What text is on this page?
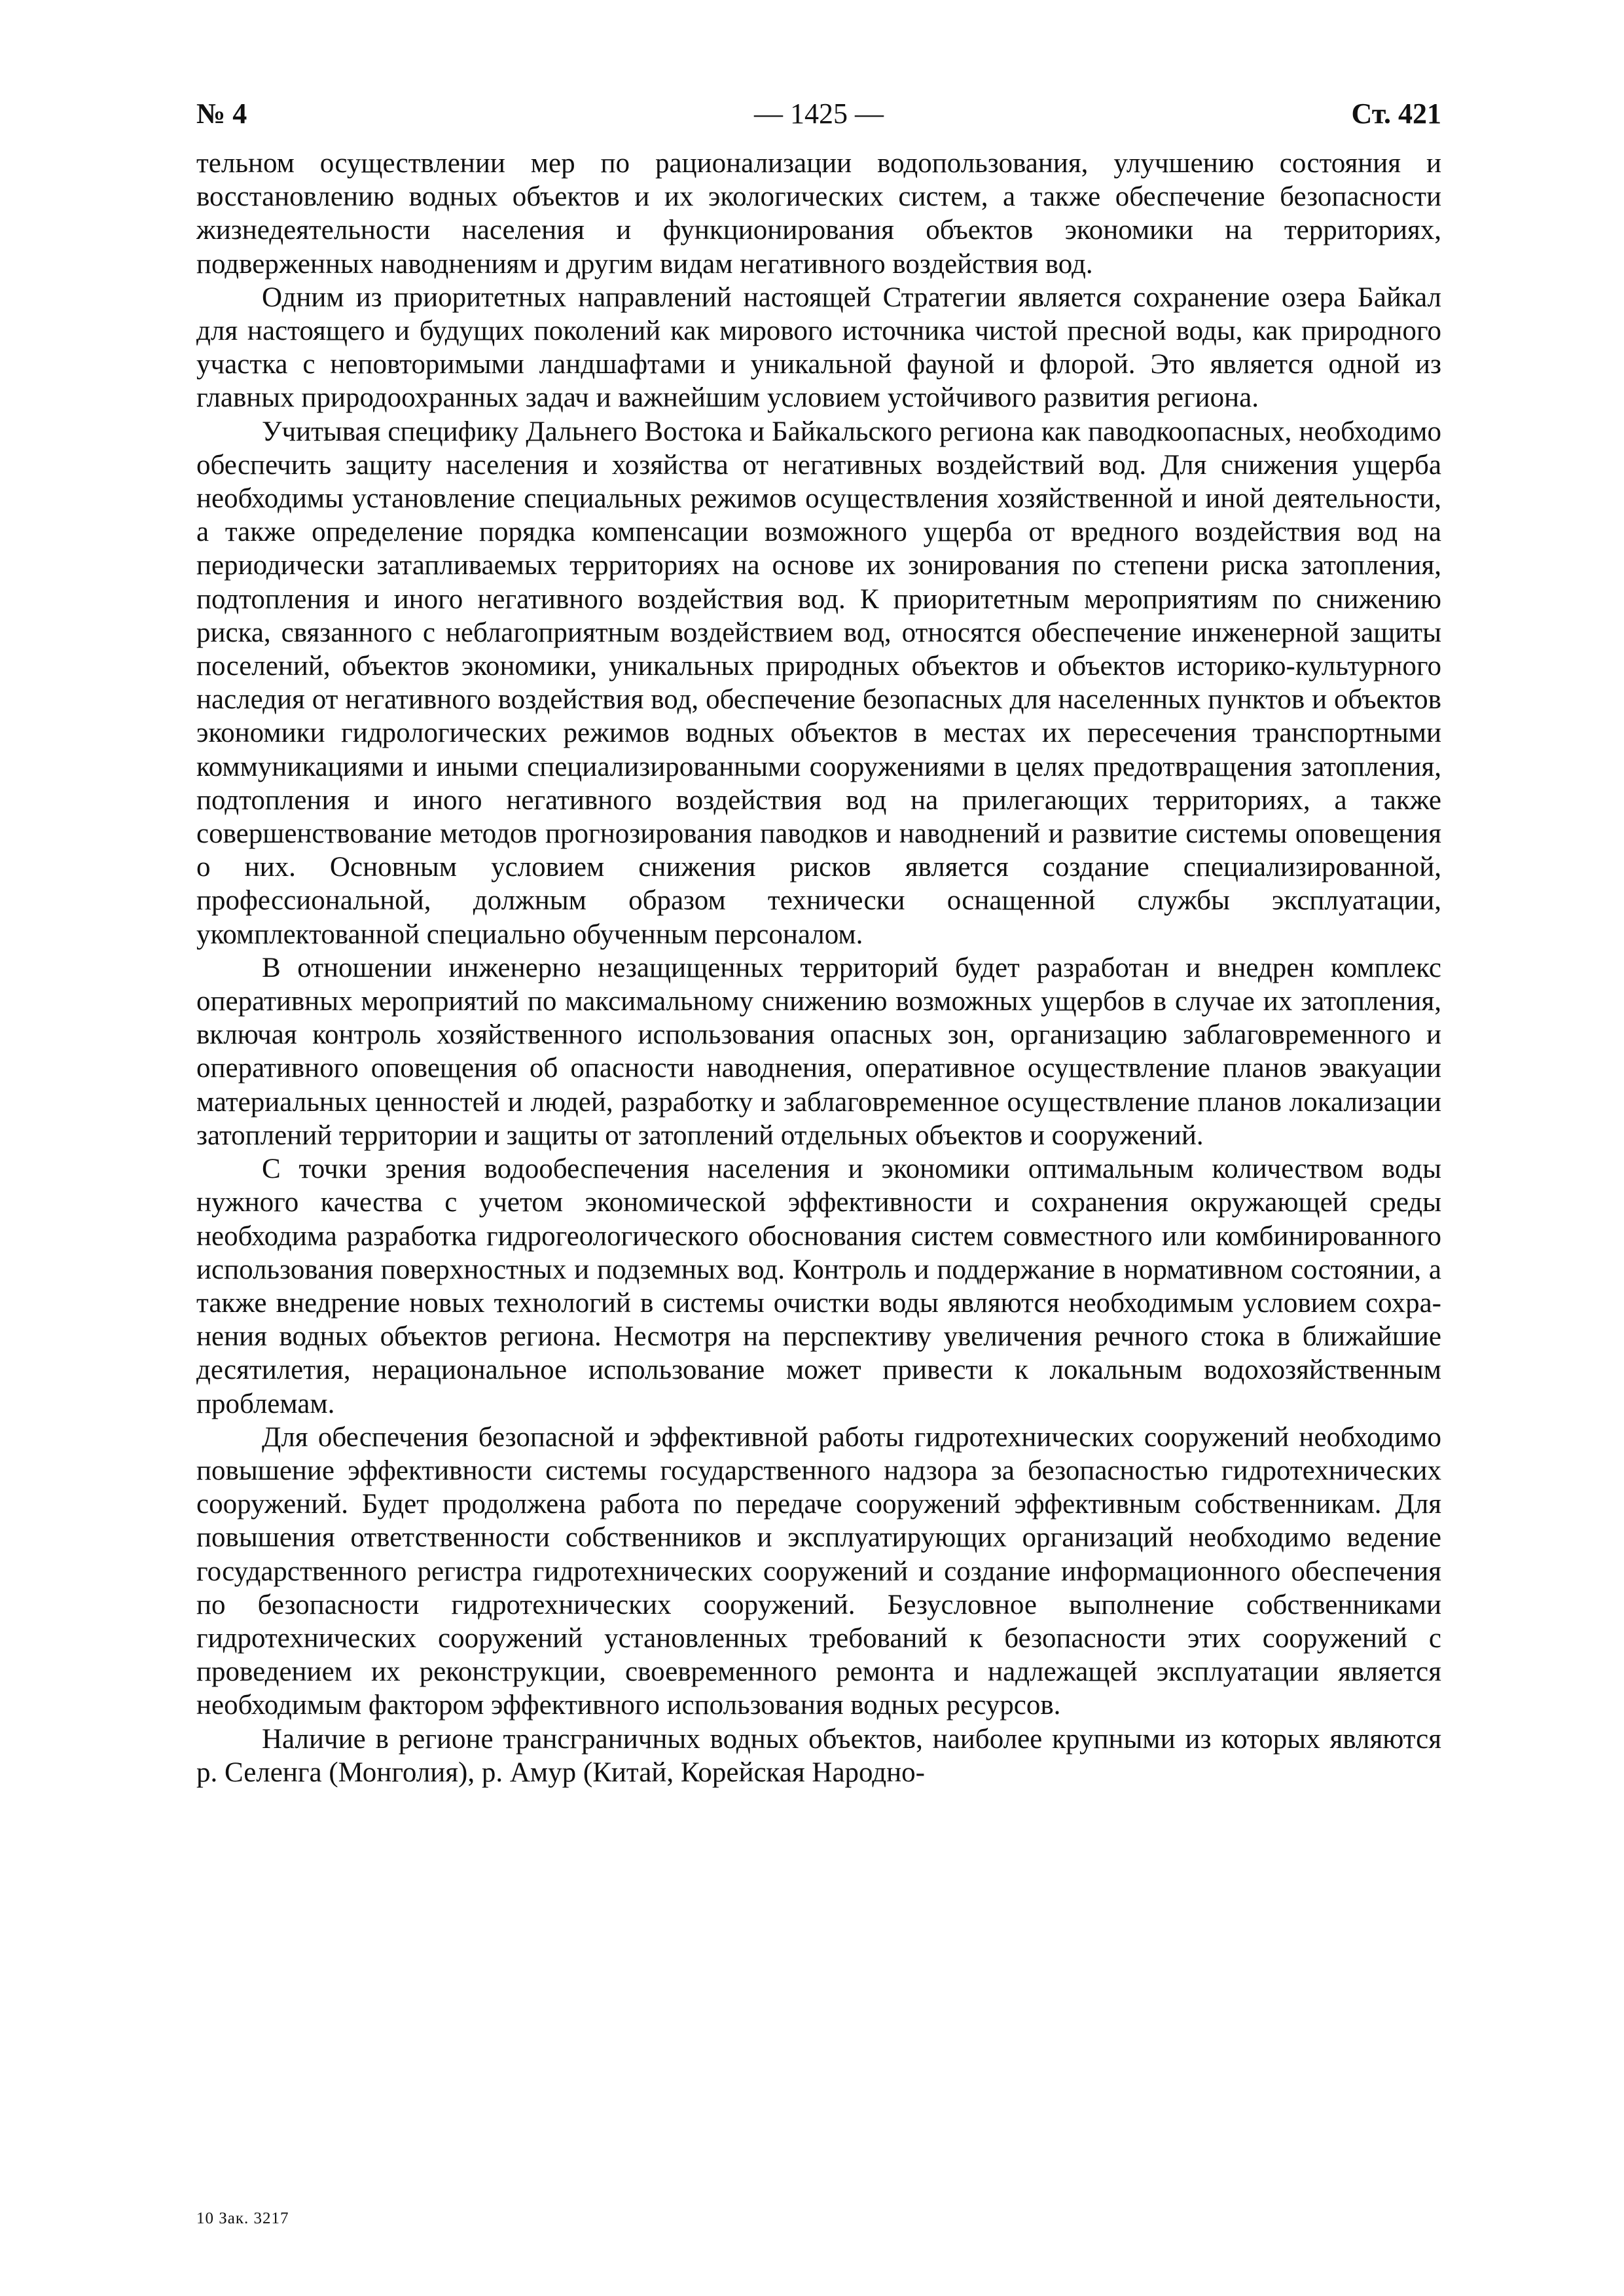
№ 4	— 1425 —	Ст. 421

тельном осуществлении мер по рационализации водопользования, улучшению состояния и восстановлению водных объектов и их экологических систем, а также обеспечение безопасности жизнедеятельности населения и функционирования объектов экономики на территориях, подверженных наводнениям и другим видам негативного воздействия вод.

Одним из приоритетных направлений настоящей Стратегии является сохранение озера Байкал для настоящего и будущих поколений как мирового источника чистой пресной воды, как природного участка с неповторимыми ландшафтами и уникальной фауной и флорой. Это является одной из главных природоохранных задач и важнейшим условием устойчивого развития региона.

Учитывая специфику Дальнего Востока и Байкальского региона как паводкоопасных, необходимо обеспечить защиту населения и хозяйства от негативных воздействий вод. Для снижения ущерба необходимы установление специальных режимов осуществления хозяйственной и иной деятельности, а также определение порядка компенсации возможного ущерба от вредного воздействия вод на периодически затапливаемых территориях на основе их зонирования по степени риска затопления, подтопления и иного негативного воздействия вод. К приоритетным мероприятиям по снижению риска, связанного с неблагоприятным воздействием вод, относятся обеспечение инженерной защиты поселений, объектов экономики, уникальных природных объектов и объектов историко-культурного наследия от негативного воздействия вод, обеспечение безопасных для населенных пунктов и объектов экономики гидрологических режимов водных объектов в местах их пересечения транспортными коммуникациями и иными специализированными сооружениями в целях предотвращения затопления, подтопления и иного негативного воздействия вод на прилегающих территориях, а также совершенствование методов прогнозирования паводков и наводнений и развитие системы оповещения о них. Основным условием снижения рисков является создание специализированной, профессиональной, должным образом технически оснащенной службы эксплуатации, укомплектованной специально обученным персоналом.

В отношении инженерно незащищенных территорий будет разработан и внедрен комплекс оперативных мероприятий по максимальному снижению возможных ущербов в случае их затопления, включая контроль хозяйственного использования опасных зон, организацию заблаговременного и оперативного оповещения об опасности наводнения, оперативное осуществление планов эвакуации материальных ценностей и людей, разработку и заблаговременное осуществление планов локализации затоплений территории и защиты от затоплений отдельных объектов и сооружений.

С точки зрения водообеспечения населения и экономики оптимальным количеством воды нужного качества с учетом экономической эффективности и сохранения окружающей среды необходима разработка гидрогеологического обоснования систем совместного или комбинированного использования поверхностных и подземных вод. Контроль и поддержание в нормативном состоянии, а также внедрение новых технологий в системы очистки воды являются необходимым условием сохранения водных объектов региона. Несмотря на перспективу увеличения речного стока в ближайшие десятилетия, нерациональное использование может привести к локальным водохозяйственным проблемам.

Для обеспечения безопасной и эффективной работы гидротехнических сооружений необходимо повышение эффективности системы государственного надзора за безопасностью гидротехнических сооружений. Будет продолжена работа по передаче сооружений эффективным собственникам. Для повышения ответственности собственников и эксплуатирующих организаций необходимо ведение государственного регистра гидротехнических сооружений и создание информационного обеспечения по безопасности гидротехнических сооружений. Безусловное выполнение собственниками гидротехнических сооружений установленных требований к безопасности этих сооружений с проведением их реконструкции, своевременного ремонта и надлежащей эксплуатации является необходимым фактором эффективного использования водных ресурсов.

Наличие в регионе трансграничных водных объектов, наиболее крупными из которых являются р. Селенга (Монголия), р. Амур (Китай, Корейская Народно-

10 Зак. 3217
